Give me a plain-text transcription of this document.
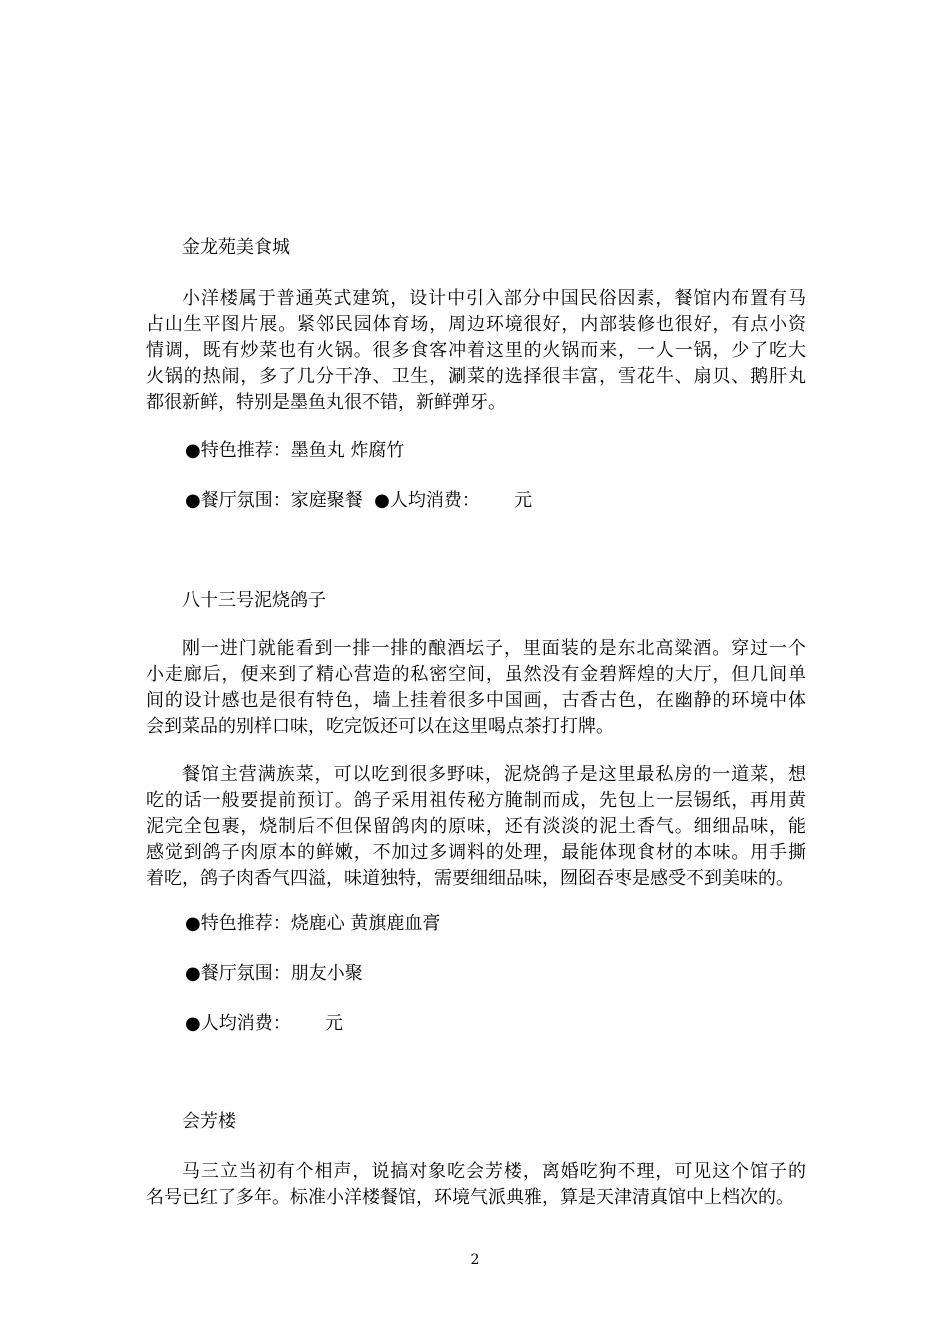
金龙苑美食城
小洋楼属于普通英式建筑，设计中引入部分中国民俗因素，餐馆内布置有马
占山生平图片展。紧邻民园体育场，周边环境很好，内部装修也很好，有点小资
情调，既有炒菜也有火锅。很多食客冲着这里的火锅而来，一人一锅，少了吃大
火锅的热闹，多了几分干净、卫生，涮菜的选择很丰富，雪花牛、扇贝、鹅肝丸
都很新鲜，特别是墨鱼丸很不错，新鲜弹牙。
●特色推荐：墨鱼丸 炸腐竹
●餐厅氛围：家庭聚餐  ●人均消费：      元
八十三号泥烧鸽子
刚一进门就能看到一排一排的酿酒坛子，里面装的是东北高粱酒。穿过一个
小走廊后，便来到了精心营造的私密空间，虽然没有金碧辉煌的大厅，但几间单
间的设计感也是很有特色，墙上挂着很多中国画，古香古色，在幽静的环境中体
会到菜品的别样口味，吃完饭还可以在这里喝点茶打打牌。
餐馆主营满族菜，可以吃到很多野味，泥烧鸽子是这里最私房的一道菜，想
吃的话一般要提前预订。鸽子采用祖传秘方腌制而成，先包上一层锡纸，再用黄
泥完全包裹，烧制后不但保留鸽肉的原味，还有淡淡的泥土香气。细细品味，能
感觉到鸽子肉原本的鲜嫩，不加过多调料的处理，最能体现食材的本味。用手撕
着吃，鸽子肉香气四溢，味道独特，需要细细品味，囫囵吞枣是感受不到美味的。
●特色推荐：烧鹿心 黄旗鹿血膏
●餐厅氛围：朋友小聚
●人均消费：      元
会芳楼
马三立当初有个相声，说搞对象吃会芳楼，离婚吃狗不理，可见这个馆子的
名号已红了多年。标准小洋楼餐馆，环境气派典雅，算是天津清真馆中上档次的。
2
